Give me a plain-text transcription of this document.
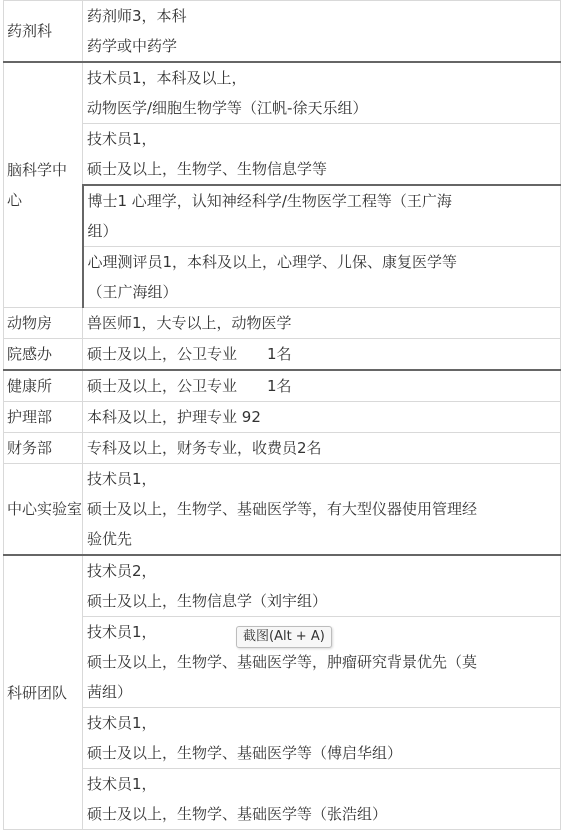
药剂科	药剂师3，本科
药学或中药学
脑科学中心	技术员1，本科及以上，
动物医学/细胞生物学等（江帆-徐天乐组）
	技术员1，
硕士及以上，生物学、生物信息学等
	博士1 心理学，认知神经科学/生物医学工程等（王广海
组）
	心理测评员1，本科及以上，心理学、儿保、康复医学等
（王广海组）
动物房	兽医师1，大专以上，动物医学
院感办	硕士及以上，公卫专业　　1名
健康所	硕士及以上，公卫专业　　1名
护理部	本科及以上，护理专业 92
财务部	专科及以上，财务专业，收费员2名
中心实验室	技术员1，
硕士及以上，生物学、基础医学等，有大型仪器使用管理经
验优先
科研团队	技术员2，
硕士及以上，生物信息学（刘宇组）
	技术员1，
硕士及以上，生物学、基础医学等，肿瘤研究背景优先（莫
茜组）
	技术员1，
硕士及以上，生物学、基础医学等（傅启华组）
	技术员1，
硕士及以上，生物学、基础医学等（张浩组）
截图(Alt + A)
